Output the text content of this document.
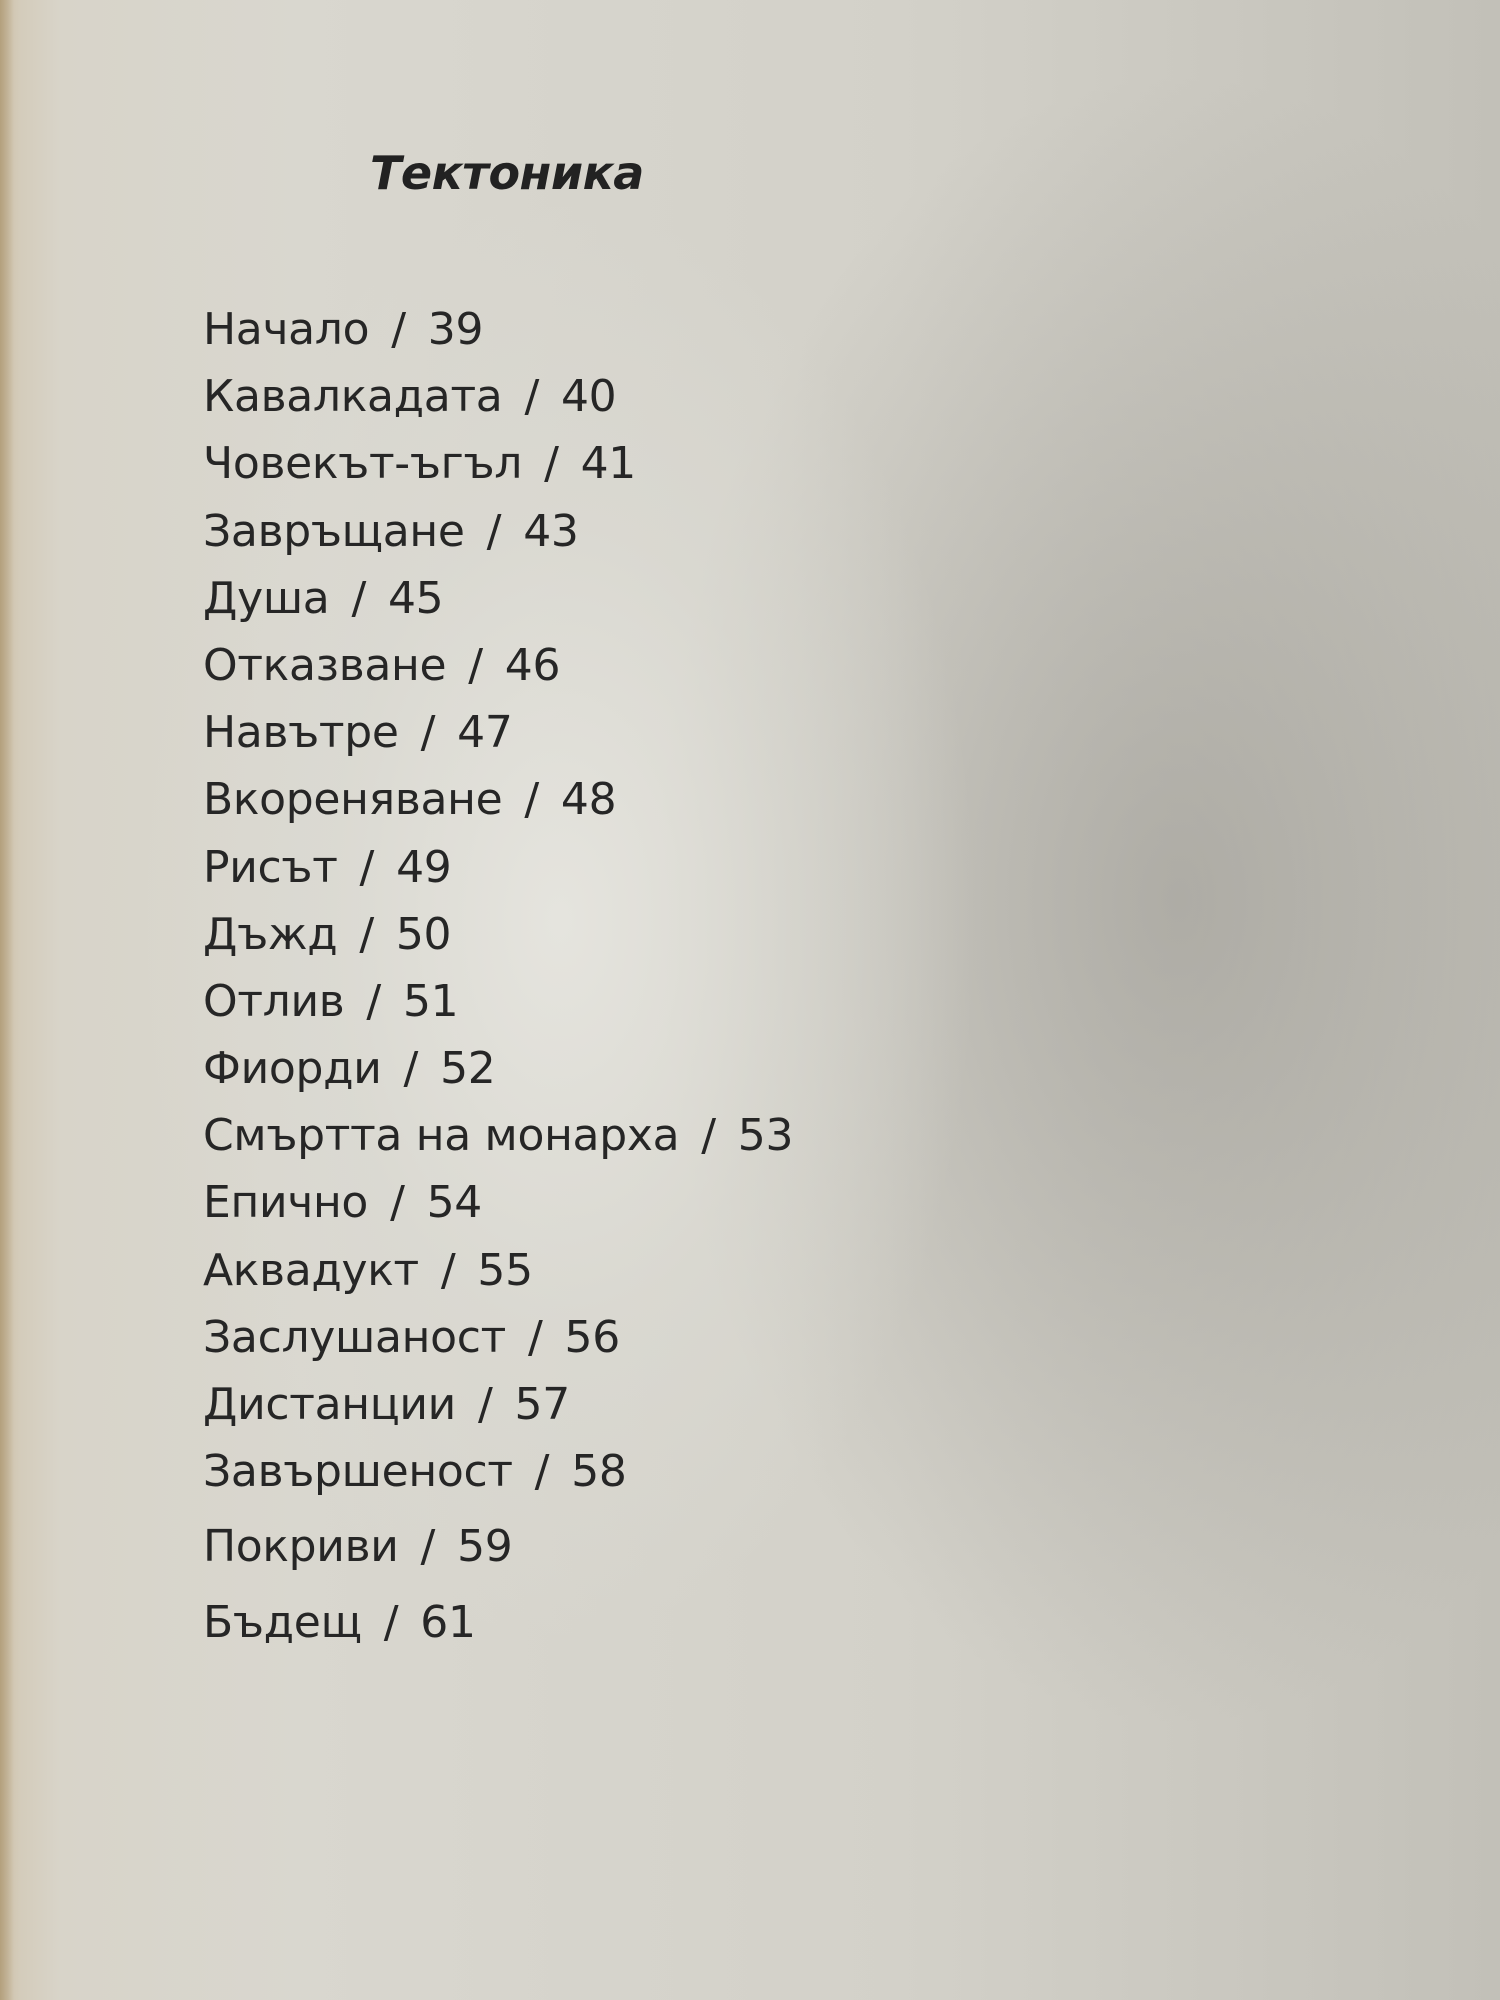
Тектоника
Начало / 39
Кавалкадата / 40
Човекът-ъгъл / 41
Завръщане / 43
Душа / 45
Отказване / 46
Навътре / 47
Вкореняване / 48
Рисът / 49
Дъжд / 50
Отлив / 51
Фиорди / 52
Смъртта на монарха / 53
Епично / 54
Аквадукт / 55
Заслушаност / 56
Дистанции / 57
Завършеност / 58
Покриви / 59
Бъдещ / 61
